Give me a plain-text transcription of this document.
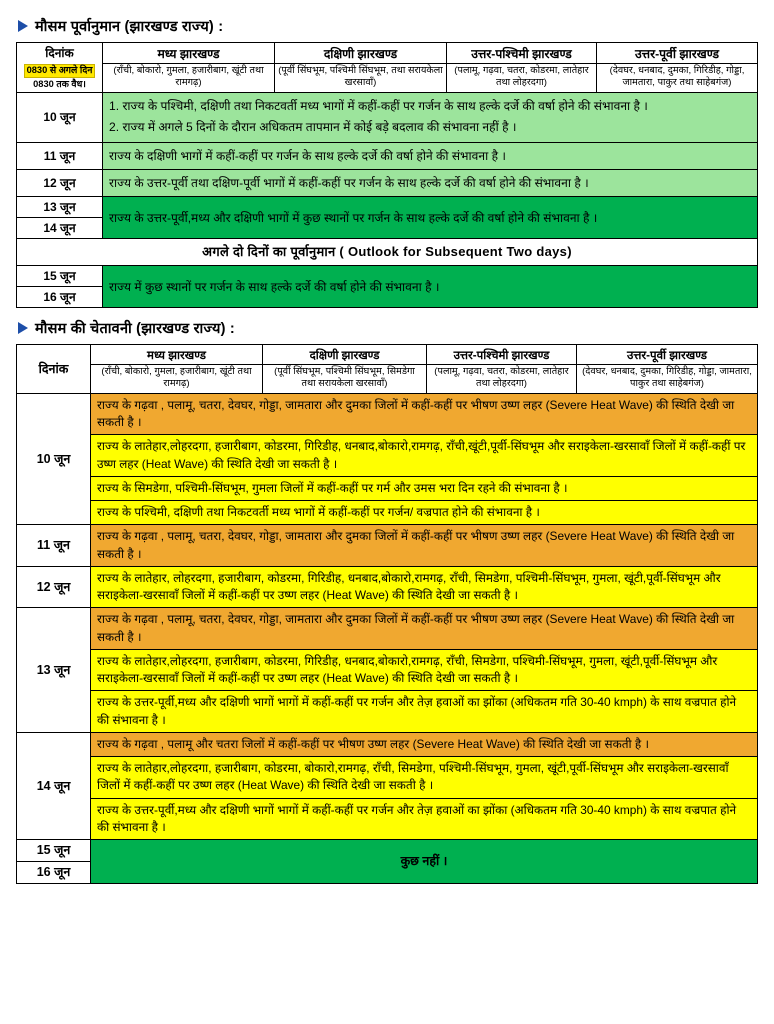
मौसम पूर्वानुमान (झारखण्ड राज्य) :
दिनांक
0830 से अगले दिन
0830 तक वैध।	मध्य झारखण्ड	दक्षिणी झारखण्ड	उत्तर-पश्चिमी झारखण्ड	उत्तर-पूर्वी झारखण्ड
	(राँची, बोकारो, गुमला, हजारीबाग, खूंटी तथा रामगढ़)	(पूर्वी सिंघभूम, पश्चिमी सिंघभूम, तथा सरायकेला खरसावाँ)	(पलामू, गढ़वा, चतरा, कोडरमा, लातेहार तथा लोहरदगा)	(देवघर, धनबाद, दुमका, गिरिडीह, गोड्डा, जामतारा, पाकुर तथा साहेबगंज)
10 जून	1. राज्य के पश्चिमी, दक्षिणी तथा निकटवर्ती मध्य भागों में कहीं-कहीं पर गर्जन के साथ हल्के दर्जे की वर्षा होने की संभावना है ।

2. राज्य में अगले 5 दिनों के दौरान अधिकतम तापमान में कोई बड़े बदलाव की संभावना नहीं है ।			

11 जून	राज्य के दक्षिणी भागों में कहीं-कहीं पर गर्जन के साथ हल्के दर्जे की वर्षा होने की संभावना है ।			
12 जून	राज्य के उत्तर-पूर्वी तथा दक्षिण-पूर्वी भागों में कहीं-कहीं पर गर्जन के साथ हल्के दर्जे की वर्षा होने की संभावना है ।			
13 जून	राज्य के उत्तर-पूर्वी,मध्य और दक्षिणी भागों में कुछ स्थानों पर गर्जन के साथ हल्के दर्जे की वर्षा होने की संभावना है ।			
14 जून				
अगले दो दिनों का पूर्वानुमान ( Outlook for Subsequent Two days)				
15 जून	राज्य में कुछ स्थानों पर गर्जन के साथ हल्के दर्जे की वर्षा होने की संभावना है ।			
16 जून				
मौसम की चेतावनी (झारखण्ड राज्य) :
दिनांक	मध्य झारखण्ड	दक्षिणी झारखण्ड	उत्तर-पश्चिमी झारखण्ड	उत्तर-पूर्वी झारखण्ड
	(राँची, बोकारो, गुमला, हजारीबाग, खूंटी तथा रामगढ़)	(पूर्वी सिंघभूम, पश्चिमी सिंघभूम, सिमडेगा तथा सरायकेला खरसावाँ)	(पलामू, गढ़वा, चतरा, कोडरमा, लातेहार तथा लोहरदगा)	(देवघर, धनबाद, दुमका, गिरिडीह, गोड्डा, जामतारा, पाकुर तथा साहेबगंज)
10 जून	राज्य के गढ़वा , पलामू, चतरा, देवघर, गोड्डा, जामतारा और दुमका जिलों में कहीं-कहीं पर भीषण उष्ण लहर (Severe Heat Wave) की स्थिति देखी जा सकती है ।			
	राज्य के लातेहार,लोहरदगा, हजारीबाग, कोडरमा, गिरिडीह, धनबाद,बोकारो,रामगढ़, राँची,खूंटी,पूर्वी-सिंघभूम और सराइकेला-खरसावाँ जिलों में कहीं-कहीं पर उष्ण लहर (Heat Wave) की स्थिति देखी जा सकती है ।			
	राज्य के सिमडेगा, पश्चिमी-सिंघभूम, गुमला जिलों में कहीं-कहीं पर गर्म और उमस भरा दिन रहने की संभावना है ।			
	राज्य के पश्चिमी, दक्षिणी तथा निकटवर्ती मध्य भागों में कहीं-कहीं पर गर्जन/ वज्रपात होने की संभावना है ।			
11 जून	राज्य के गढ़वा , पलामू, चतरा, देवघर, गोड्डा, जामतारा और दुमका जिलों में कहीं-कहीं पर भीषण उष्ण लहर (Severe Heat Wave) की स्थिति देखी जा सकती है ।			
12 जून	राज्य के लातेहार, लोहरदगा, हजारीबाग, कोडरमा, गिरिडीह, धनबाद,बोकारो,रामगढ़, राँची, सिमडेगा, पश्चिमी-सिंघभूम, गुमला, खूंटी,पूर्वी-सिंघभूम और सराइकेला-खरसावाँ जिलों में कहीं-कहीं पर उष्ण लहर (Heat Wave) की स्थिति देखी जा सकती है ।			
13 जून	राज्य के गढ़वा , पलामू, चतरा, देवघर, गोड्डा, जामतारा और दुमका जिलों में कहीं-कहीं पर भीषण उष्ण लहर (Severe Heat Wave) की स्थिति देखी जा सकती है ।			
	राज्य के लातेहार,लोहरदगा, हजारीबाग, कोडरमा, गिरिडीह, धनबाद,बोकारो,रामगढ़, राँची, सिमडेगा, पश्चिमी-सिंघभूम, गुमला, खूंटी,पूर्वी-सिंघभूम और सराइकेला-खरसावाँ जिलों में कहीं-कहीं पर उष्ण लहर (Heat Wave) की स्थिति देखी जा सकती है ।			
	राज्य के उत्तर-पूर्वी,मध्य और दक्षिणी भागों भागों में कहीं-कहीं पर गर्जन और तेज़ हवाओं का झोंका (अधिकतम गति 30-40 kmph) के साथ वज्रपात होने की संभावना है ।			
14 जून	राज्य के गढ़वा , पलामू और चतरा जिलों में कहीं-कहीं पर भीषण उष्ण लहर (Severe Heat Wave) की स्थिति देखी जा सकती है ।			
	राज्य के लातेहार,लोहरदगा, हजारीबाग, कोडरमा, बोकारो,रामगढ़, राँची, सिमडेगा, पश्चिमी-सिंघभूम, गुमला, खूंटी,पूर्वी-सिंघभूम और सराइकेला-खरसावाँ जिलों में कहीं-कहीं पर उष्ण लहर (Heat Wave) की स्थिति देखी जा सकती है ।			
	राज्य के उत्तर-पूर्वी,मध्य और दक्षिणी भागों भागों में कहीं-कहीं पर गर्जन और तेज़ हवाओं का झोंका (अधिकतम गति 30-40 kmph) के साथ वज्रपात होने की संभावना है ।			
15 जून	कुछ नहीं ।			
16 जून				
